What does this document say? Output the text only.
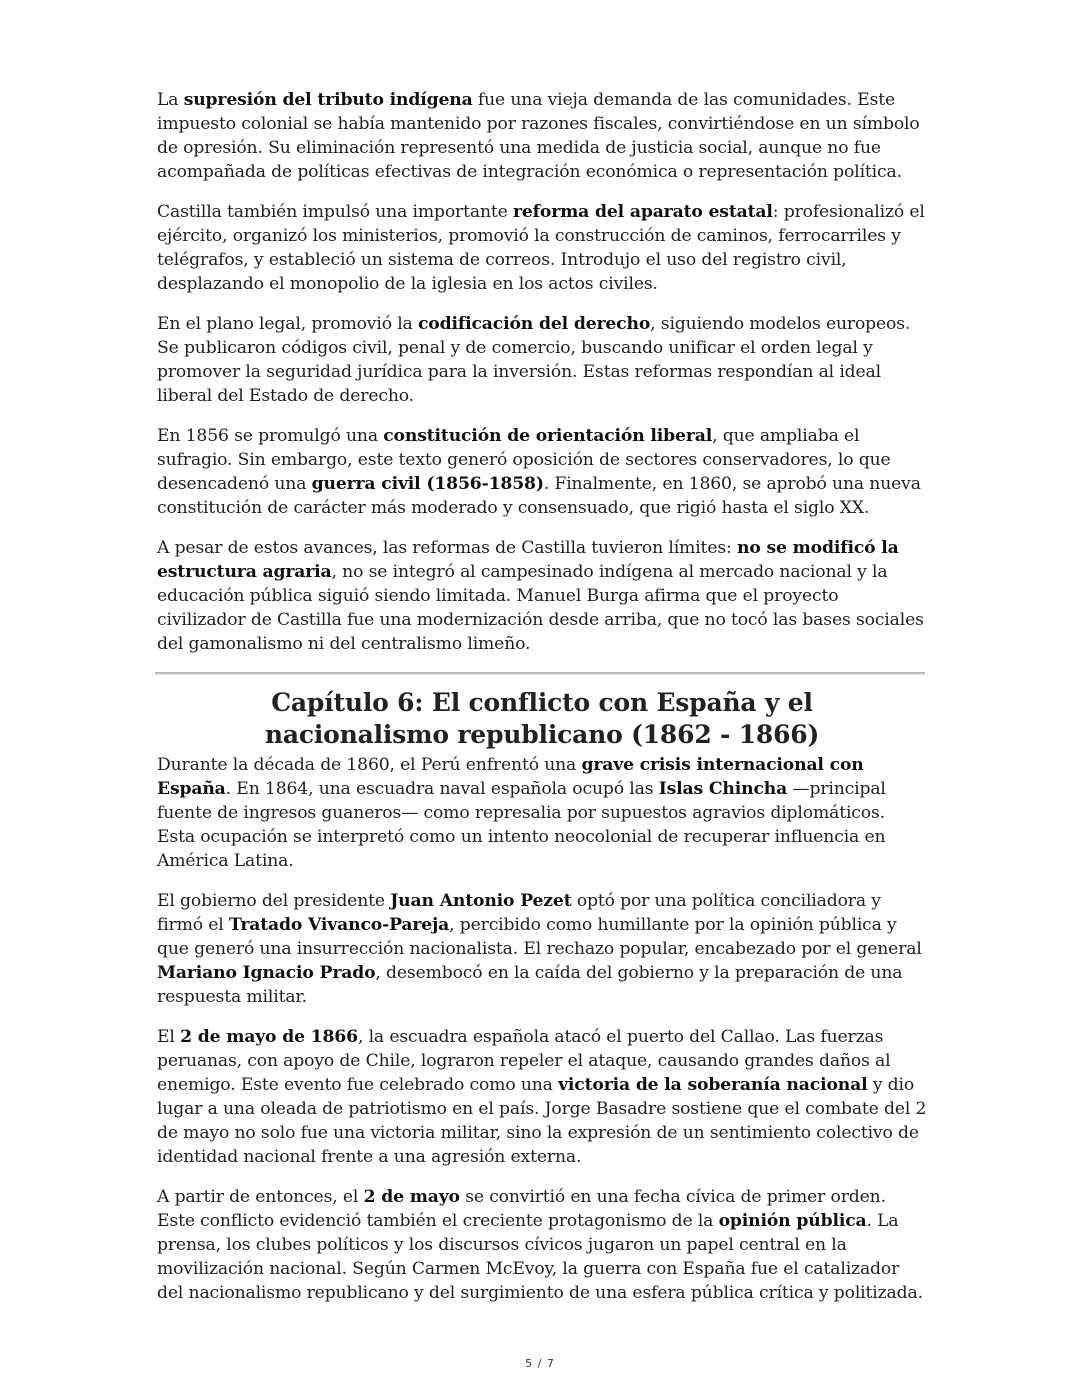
La supresión del tributo indígena fue una vieja demanda de las comunidades. Este impuesto colonial se había mantenido por razones fiscales, convirtiéndose en un símbolo de opresión. Su eliminación representó una medida de justicia social, aunque no fue acompañada de políticas efectivas de integración económica o representación política.

Castilla también impulsó una importante reforma del aparato estatal: profesionalizó el ejército, organizó los ministerios, promovió la construcción de caminos, ferrocarriles y telégrafos, y estableció un sistema de correos. Introdujo el uso del registro civil, desplazando el monopolio de la iglesia en los actos civiles.

En el plano legal, promovió la codificación del derecho, siguiendo modelos europeos. Se publicaron códigos civil, penal y de comercio, buscando unificar el orden legal y promover la seguridad jurídica para la inversión. Estas reformas respondían al ideal liberal del Estado de derecho.

En 1856 se promulgó una constitución de orientación liberal, que ampliaba el sufragio. Sin embargo, este texto generó oposición de sectores conservadores, lo que desencadenó una guerra civil (1856-1858). Finalmente, en 1860, se aprobó una nueva constitución de carácter más moderado y consensuado, que rigió hasta el siglo XX.

A pesar de estos avances, las reformas de Castilla tuvieron límites: no se modificó la estructura agraria, no se integró al campesinado indígena al mercado nacional y la educación pública siguió siendo limitada. Manuel Burga afirma que el proyecto civilizador de Castilla fue una modernización desde arriba, que no tocó las bases sociales del gamonalismo ni del centralismo limeño.

Capítulo 6: El conflicto con España y el nacionalismo republicano (1862 - 1866)

Durante la década de 1860, el Perú enfrentó una grave crisis internacional con España. En 1864, una escuadra naval española ocupó las Islas Chincha —principal fuente de ingresos guaneros— como represalia por supuestos agravios diplomáticos. Esta ocupación se interpretó como un intento neocolonial de recuperar influencia en América Latina.

El gobierno del presidente Juan Antonio Pezet optó por una política conciliadora y firmó el Tratado Vivanco-Pareja, percibido como humillante por la opinión pública y que generó una insurrección nacionalista. El rechazo popular, encabezado por el general Mariano Ignacio Prado, desembocó en la caída del gobierno y la preparación de una respuesta militar.

El 2 de mayo de 1866, la escuadra española atacó el puerto del Callao. Las fuerzas peruanas, con apoyo de Chile, lograron repeler el ataque, causando grandes daños al enemigo. Este evento fue celebrado como una victoria de la soberanía nacional y dio lugar a una oleada de patriotismo en el país. Jorge Basadre sostiene que el combate del 2 de mayo no solo fue una victoria militar, sino la expresión de un sentimiento colectivo de identidad nacional frente a una agresión externa.

A partir de entonces, el 2 de mayo se convirtió en una fecha cívica de primer orden. Este conflicto evidenció también el creciente protagonismo de la opinión pública. La prensa, los clubes políticos y los discursos cívicos jugaron un papel central en la movilización nacional. Según Carmen McEvoy, la guerra con España fue el catalizador del nacionalismo republicano y del surgimiento de una esfera pública crítica y politizada.

5 / 7
